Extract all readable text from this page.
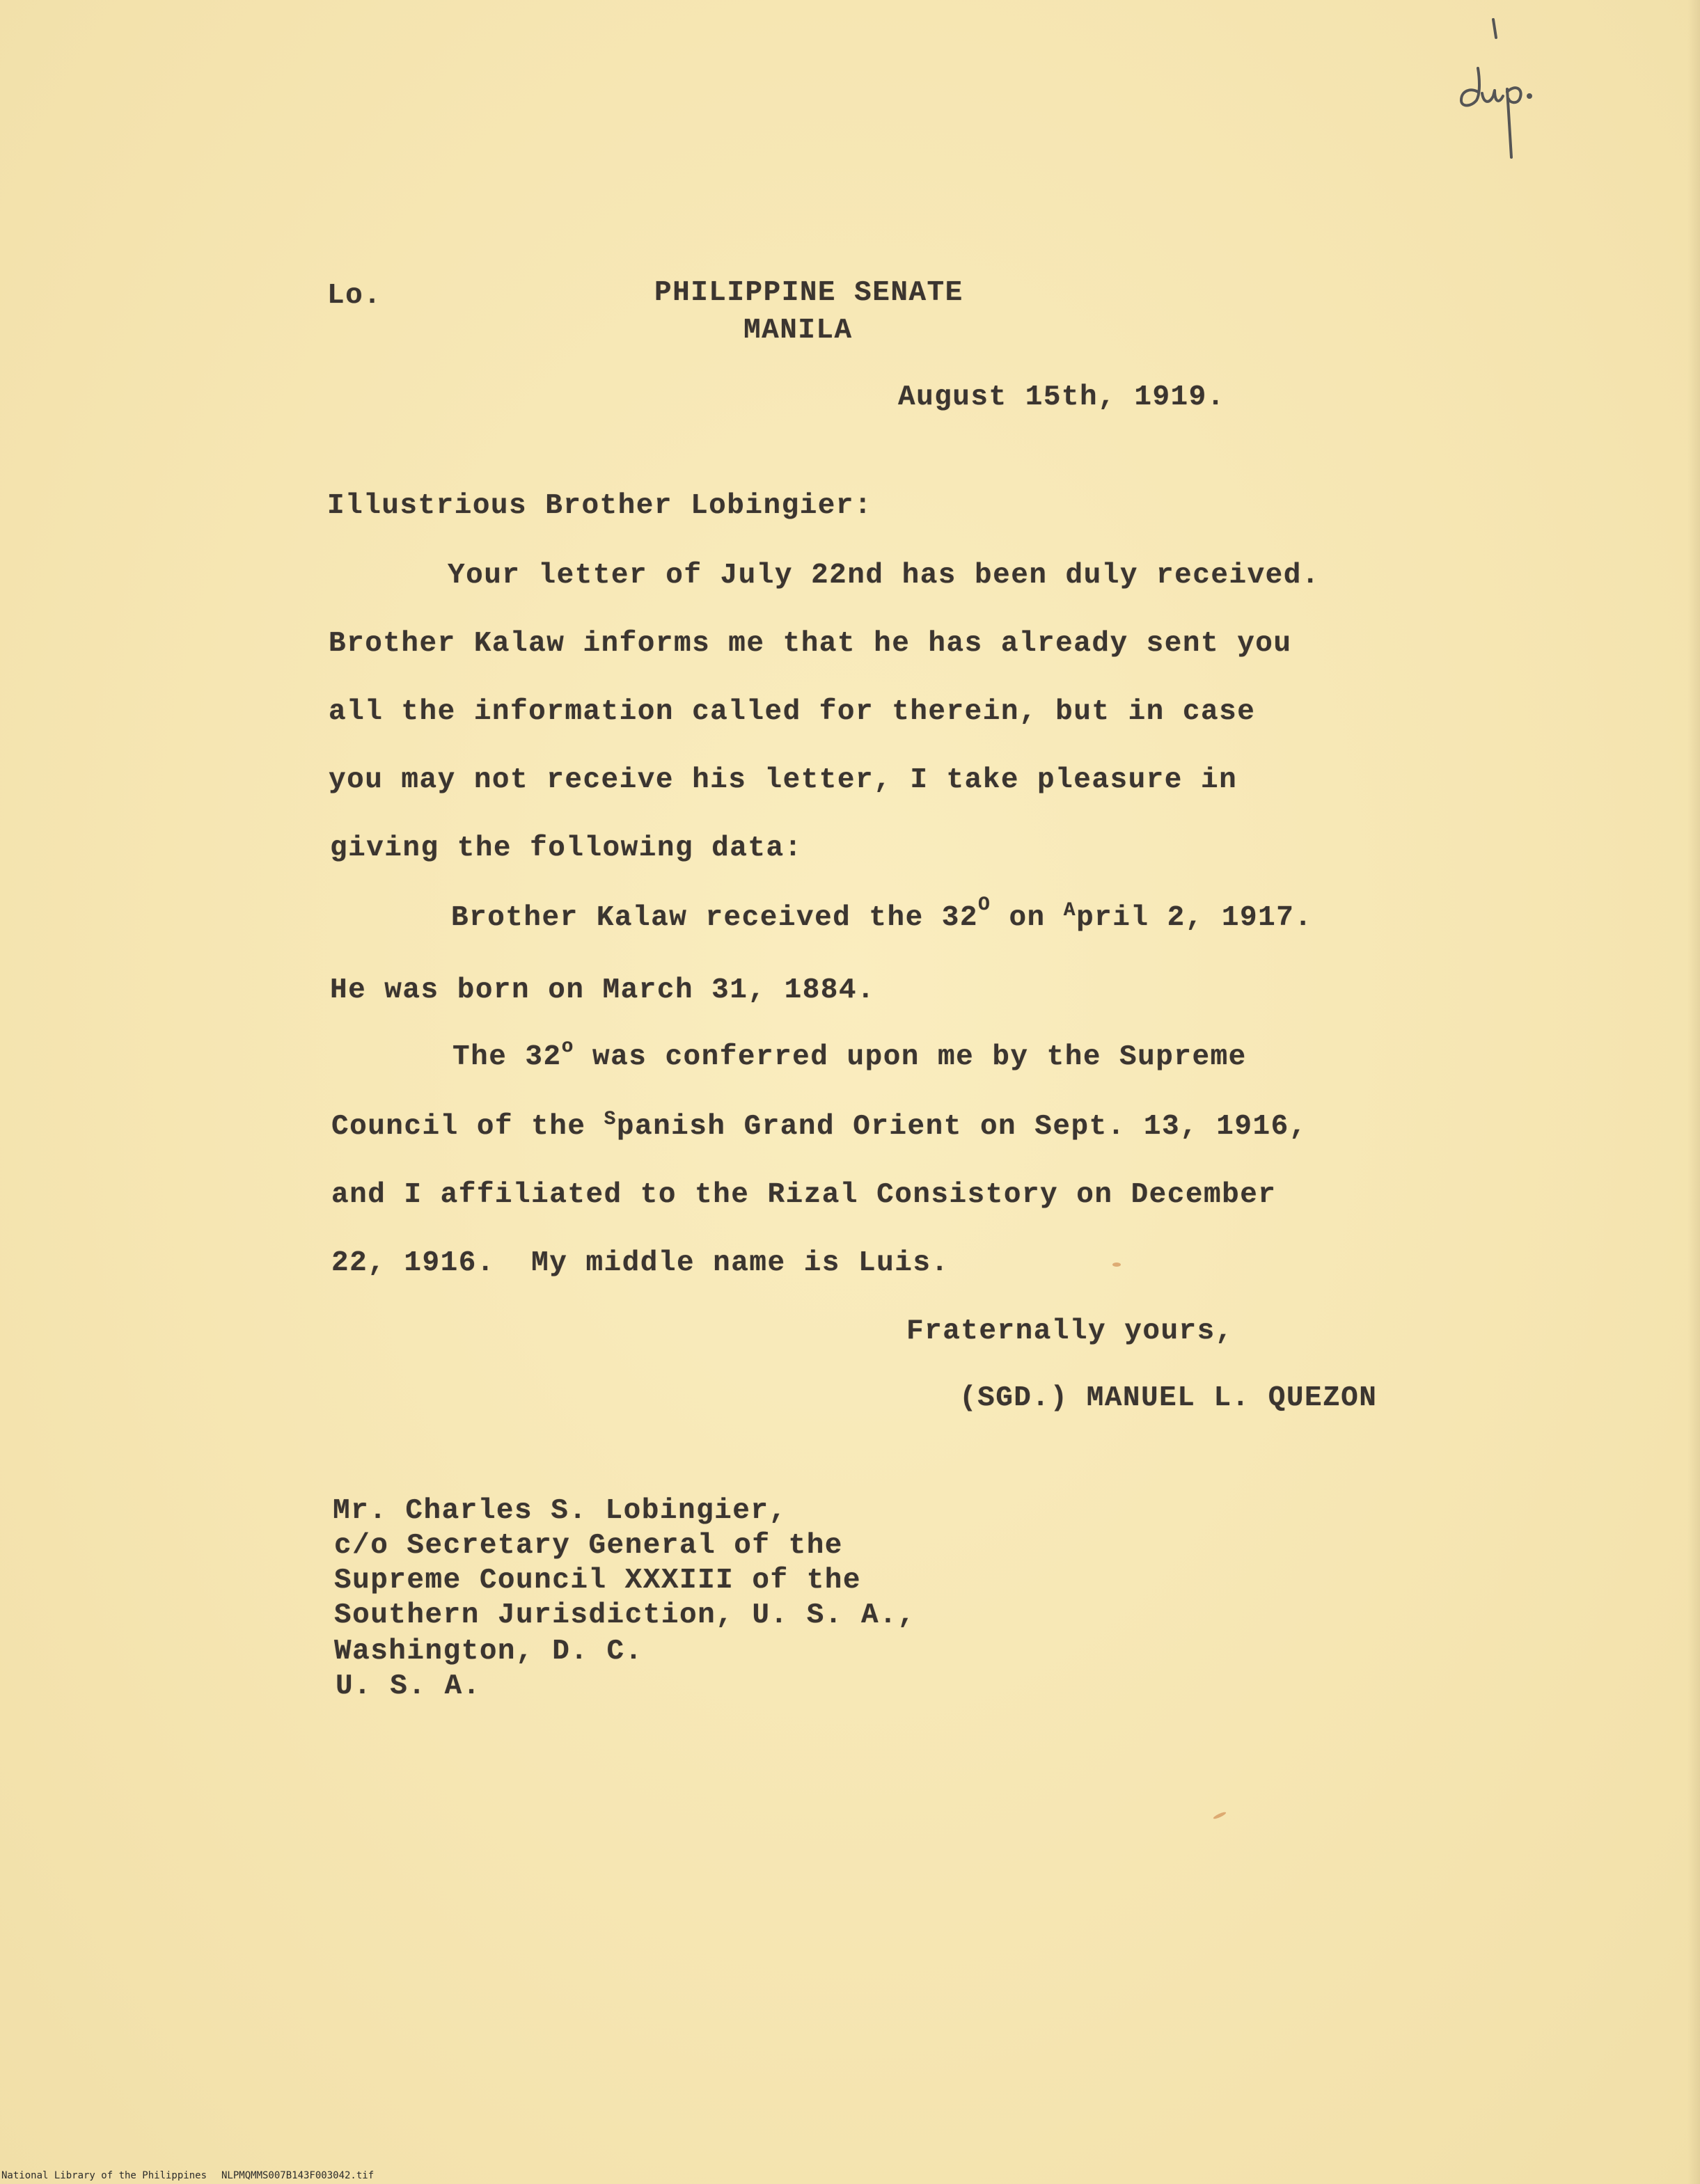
Lo.	PHILIPPINE SENATE
MANILA
August 15th, 1919.
Illustrious Brother Lobingier:
Your letter of July 22nd has been duly received.
Brother Kalaw informs me that he has already sent you
all the information called for therein, but in case
you may not receive his letter, I take pleasure in
giving the following data:
Brother Kalaw received the $32^O$ on $^A$pril 2, 1917.
He was born on March 31, 1884.
The 32$^o$ was conferred upon me by the Supreme
Council of the $^S$panish Grand Orient on Sept. 13, 1916,
and I affiliated to the Rizal Consistory on December
22, 1916.  My middle name is Luis.
Fraternally yours,
(SGD.) MANUEL L. QUEZON
Mr. Charles S. Lobingier,
c/o Secretary General of the
Supreme Council XXXIII of the
Southern Jurisdiction, U. S. A.,
Washington, D. C.
U. S. A.
National Library of the Philippines NLPMQMMS007B143F003042.tif
